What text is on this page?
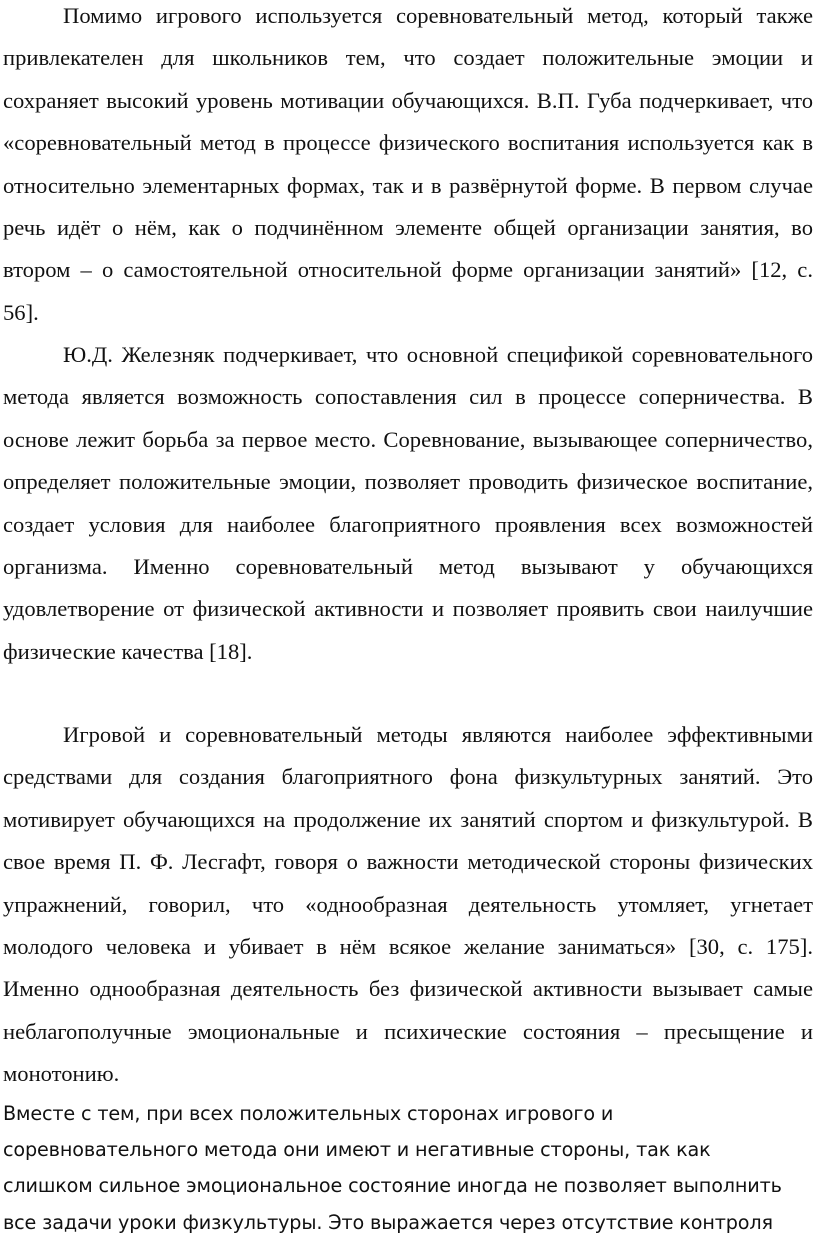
Помимо игрового используется соревновательный метод, который также привлекателен для школьников тем, что создает положительные эмоции и сохраняет высокий уровень мотивации обучающихся. В.П. Губа подчеркивает, что «соревновательный метод в процессе физического воспитания используется как в относительно элементарных формах, так и в развёрнутой форме. В первом случае речь идёт о нём, как о подчинённом элементе общей организации занятия, во втором – о самостоятельной относительной форме организации занятий» [12, с. 56].

Ю.Д. Железняк подчеркивает, что основной спецификой соревновательного метода является возможность сопоставления сил в процессе соперничества. В основе лежит борьба за первое место. Соревнование, вызывающее соперничество, определяет положительные эмоции, позволяет проводить физическое воспитание, создает условия для наиболее благоприятного проявления всех возможностей организма. Именно соревновательный метод вызывают у обучающихся удовлетворение от физической активности и позволяет проявить свои наилучшие физические качества [18].

Игровой и соревновательный методы являются наиболее эффективными средствами для создания благоприятного фона физкультурных занятий. Это мотивирует обучающихся на продолжение их занятий спортом и физкультурой. В свое время П. Ф. Лесгафт, говоря о важности методической стороны физических упражнений, говорил, что «однообразная деятельность утомляет, угнетает молодого человека и убивает в нём всякое желание заниматься» [30, с. 175]. Именно однообразная деятельность без физической активности вызывает самые неблагополучные эмоциональные и психические состояния – пресыщение и монотонию.

Вместе с тем, при всех положительных сторонах игрового и
соревновательного метода они имеют и негативные стороны, так как
слишком сильное эмоциональное состояние иногда не позволяет выполнить
все задачи уроки физкультуры. Это выражается через отсутствие контроля
